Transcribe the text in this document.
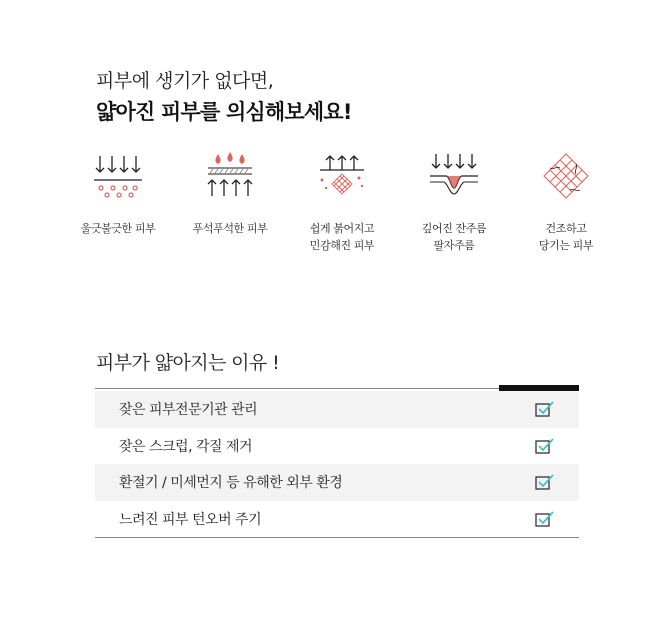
피부에 생기가 없다면,
얇아진 피부를 의심해보세요!
울긋불긋한 피부	푸석푸석한 피부	쉽게 붉어지고
민감해진 피부
깊어진 잔주름
팔자주름
건조하고
당기는 피부
피부가 얇아지는 이유 !
잦은 피부전문기관 관리
잦은 스크럽, 각질 제거
환절기 / 미세먼지 등 유해한 외부 환경
느려진 피부 턴오버 주기
